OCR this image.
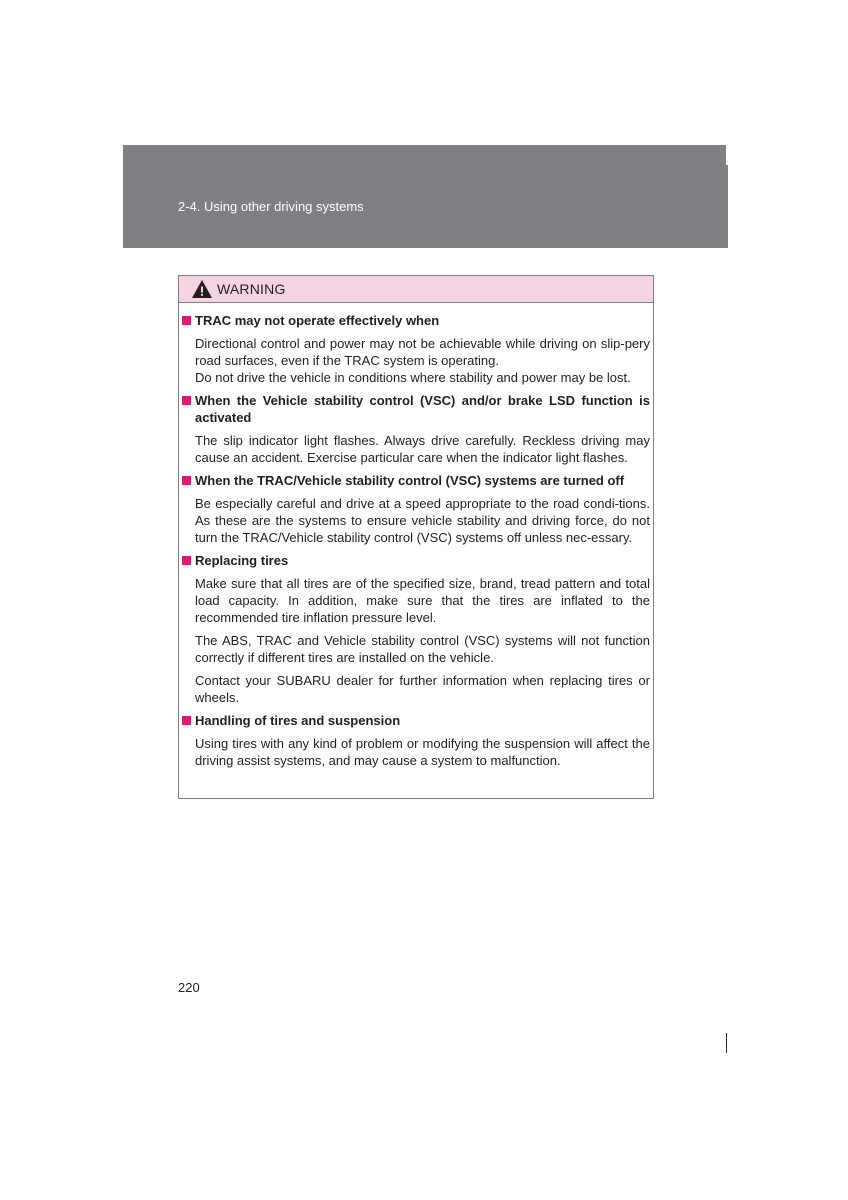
2-4. Using other driving systems
WARNING
TRAC may not operate effectively when
Directional control and power may not be achievable while driving on slip-pery road surfaces, even if the TRAC system is operating.
Do not drive the vehicle in conditions where stability and power may be lost.
When the Vehicle stability control (VSC) and/or brake LSD function is activated
The slip indicator light flashes. Always drive carefully. Reckless driving may cause an accident. Exercise particular care when the indicator light flashes.
When the TRAC/Vehicle stability control (VSC) systems are turned off
Be especially careful and drive at a speed appropriate to the road condi-tions. As these are the systems to ensure vehicle stability and driving force, do not turn the TRAC/Vehicle stability control (VSC) systems off unless nec-essary.
Replacing tires
Make sure that all tires are of the specified size, brand, tread pattern and total load capacity. In addition, make sure that the tires are inflated to the recommended tire inflation pressure level.
The ABS, TRAC and Vehicle stability control (VSC) systems will not function correctly if different tires are installed on the vehicle.
Contact your SUBARU dealer for further information when replacing tires or wheels.
Handling of tires and suspension
Using tires with any kind of problem or modifying the suspension will affect the driving assist systems, and may cause a system to malfunction.
220
